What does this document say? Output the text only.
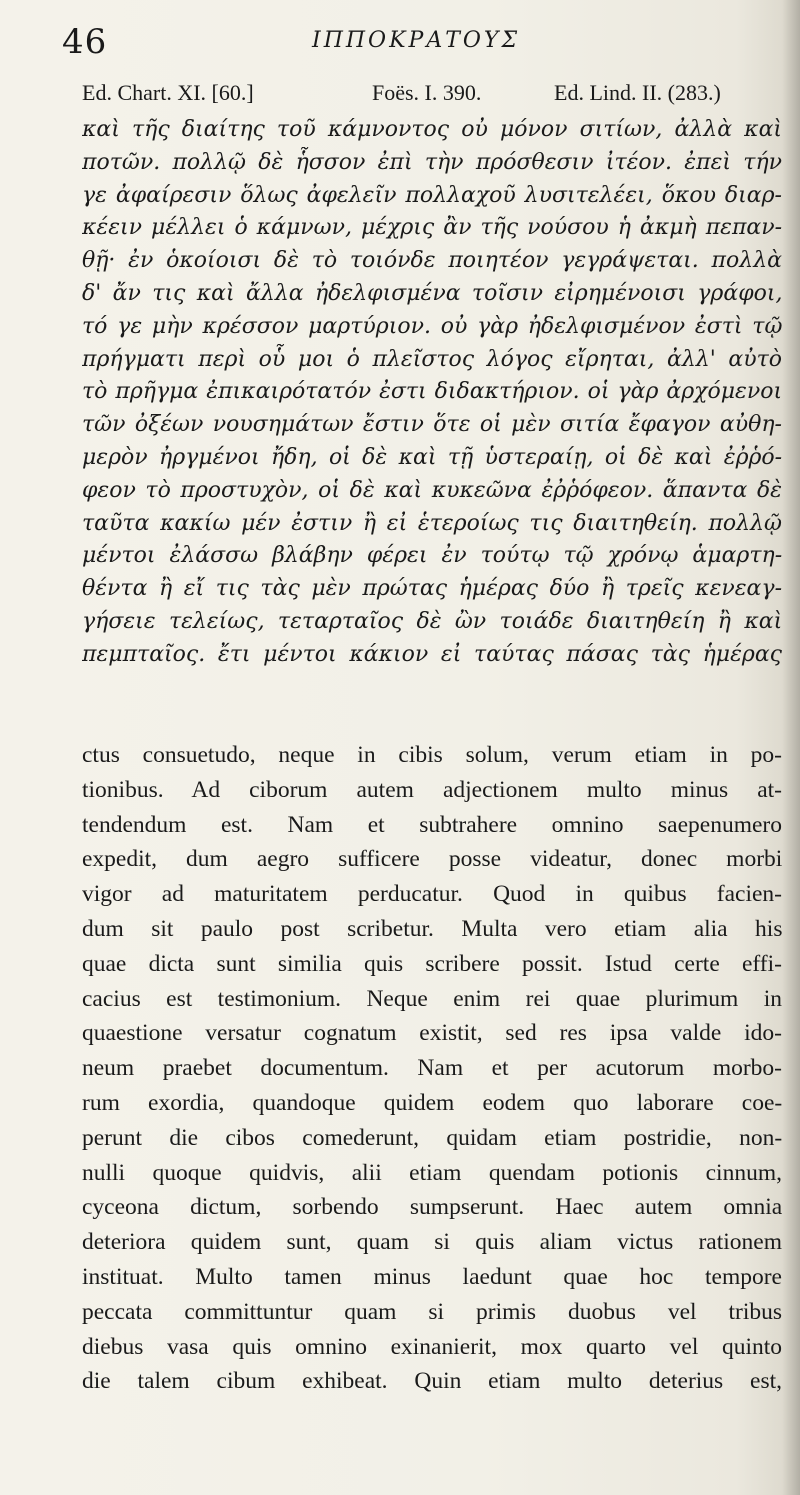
46	ΙΠΠΟΚΡΑΤΟΥΣ
Ed. Chart. XI. [60.]	Foës. I. 390.	Ed. Lind. II. (283.)
καὶ τῆς διαίτης τοῦ κάμνοντος οὐ μόνον σιτίων, ἀλλὰ καὶ
ποτῶν. πολλῷ δὲ ἧσσον ἐπὶ τὴν πρόσθεσιν ἰτέον. ἐπεὶ τήν
γε ἀφαίρεσιν ὅλως ἀφελεῖν πολλαχοῦ λυσιτελέει, ὅκου διαρ-
κέειν μέλλει ὁ κάμνων, μέχρις ἂν τῆς νούσου ἡ ἀκμὴ πεπαν-
θῇ· ἐν ὁκοίοισι δὲ τὸ τοιόνδε ποιητέον γεγράψεται. πολλὰ
δ' ἄν τις καὶ ἄλλα ἠδελφισμένα τοῖσιν εἰρημένοισι γράφοι,
τό γε μὴν κρέσσον μαρτύριον. οὐ γὰρ ἠδελφισμένον ἐστὶ τῷ
πρήγματι περὶ οὗ μοι ὁ πλεῖστος λόγος εἴρηται, ἀλλ' αὐτὸ
τὸ πρῆγμα ἐπικαιρότατόν ἐστι διδακτήριον. οἱ γὰρ ἀρχόμενοι
τῶν ὀξέων νουσημάτων ἔστιν ὅτε οἱ μὲν σιτία ἔφαγον αὐθη-
μερὸν ἠργμένοι ἤδη, οἱ δὲ καὶ τῇ ὑστεραίῃ, οἱ δὲ καὶ ἐῤῥό-
φεον τὸ προστυχὸν, οἱ δὲ καὶ κυκεῶνα ἐῤῥόφεον. ἅπαντα δὲ
ταῦτα κακίω μέν ἐστιν ἢ εἰ ἑτεροίως τις διαιτηθείη. πολλῷ
μέντοι ἐλάσσω βλάβην φέρει ἐν τούτῳ τῷ χρόνῳ ἁμαρτη-
θέντα ἢ εἴ τις τὰς μὲν πρώτας ἡμέρας δύο ἢ τρεῖς κενεαγ-
γήσειε τελείως, τεταρταῖος δὲ ὢν τοιάδε διαιτηθείη ἢ καὶ
πεμπταῖος. ἔτι μέντοι κάκιον εἰ ταύτας πάσας τὰς ἡμέρας
ctus consuetudo, neque in cibis solum, verum etiam in po-
tionibus. Ad ciborum autem adjectionem multo minus at-
tendendum est. Nam et subtrahere omnino saepenumero
expedit, dum aegro sufficere posse videatur, donec morbi
vigor ad maturitatem perducatur. Quod in quibus facien-
dum sit paulo post scribetur. Multa vero etiam alia his
quae dicta sunt similia quis scribere possit. Istud certe effi-
cacius est testimonium. Neque enim rei quae plurimum in
quaestione versatur cognatum existit, sed res ipsa valde ido-
neum praebet documentum. Nam et per acutorum morbo-
rum exordia, quandoque quidem eodem quo laborare coe-
perunt die cibos comederunt, quidam etiam postridie, non-
nulli quoque quidvis, alii etiam quendam potionis cinnum,
cyceona dictum, sorbendo sumpserunt. Haec autem omnia
deteriora quidem sunt, quam si quis aliam victus rationem
instituat. Multo tamen minus laedunt quae hoc tempore
peccata committuntur quam si primis duobus vel tribus
diebus vasa quis omnino exinanierit, mox quarto vel quinto
die talem cibum exhibeat. Quin etiam multo deterius est,
